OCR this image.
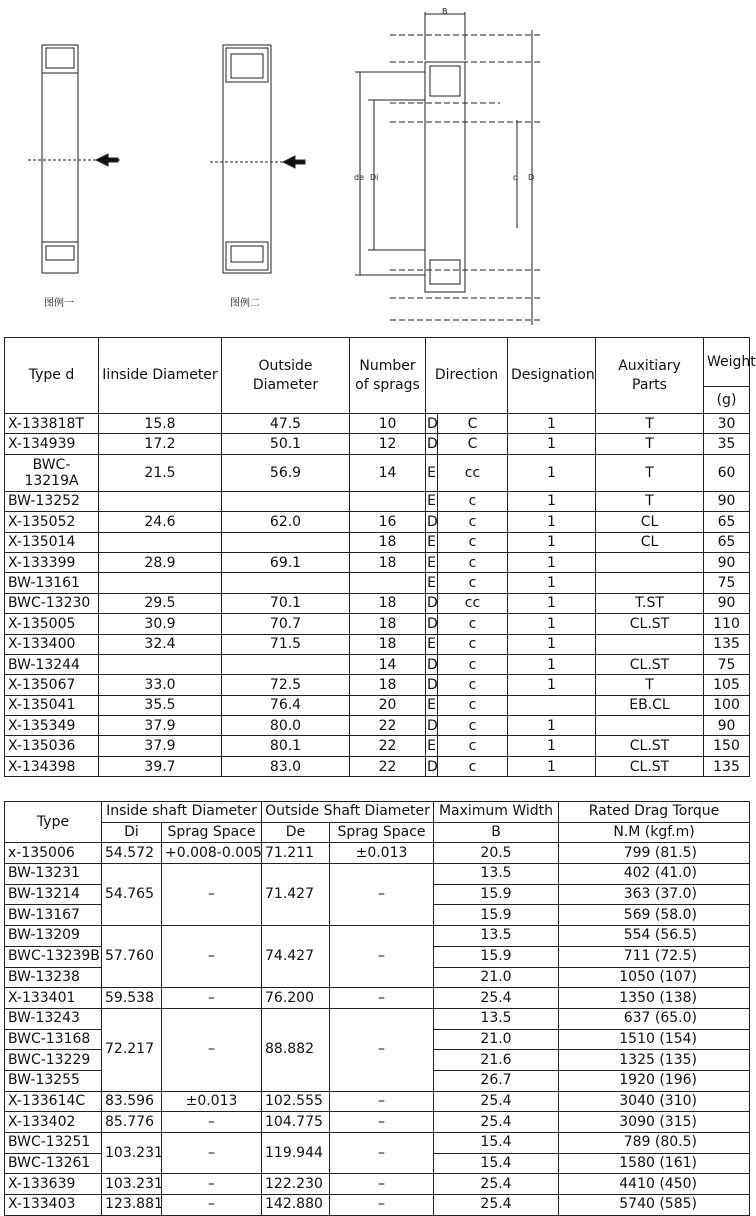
B
de Di	d D
图例一	图例二
Type d	Iinside Diameter	Outside Diameter	Number of sprags	Direction		Designation	Auxitiary Parts	Weight
								(g)
X-133818T	15.8	47.5	10	D	C	1	T	30
X-134939	17.2	50.1	12	D	C	1	T	35
BWC-13219A	21.5	56.9	14	E	cc	1	T	60
BW-13252				E	c	1	T	90
X-135052	24.6	62.0	16	D	c	1	CL	65
X-135014			18	E	c	1	CL	65
X-133399	28.9	69.1	18	E	c	1		90
BW-13161				E	c	1		75
BWC-13230	29.5	70.1	18	D	cc	1	T.ST	90
X-135005	30.9	70.7	18	D	c	1	CL.ST	110
X-133400	32.4	71.5	18	E	c	1		135
BW-13244			14	D	c	1	CL.ST	75
X-135067	33.0	72.5	18	D	c	1	T	105
X-135041	35.5	76.4	20	E	c		EB.CL	100
X-135349	37.9	80.0	22	D	c	1		90
X-135036	37.9	80.1	22	E	c	1	CL.ST	150
X-134398	39.7	83.0	22	D	c	1	CL.ST	135
Type	Inside shaft Diameter		Outside Shaft Diameter		Maximum Width	Rated Drag Torque
	Di	Sprag Space	De	Sprag Space	B	N.M (kgf.m)
x-135006	54.572	+0.008-0.005	71.211	±0.013	20.5	799 (81.5)
BW-13231	54.765	–	71.427	–	13.5	402 (41.0)
BW-13214					15.9	363 (37.0)
BW-13167					15.9	569 (58.0)
BW-13209	57.760	–	74.427	–	13.5	554 (56.5)
BWC-13239B					15.9	711 (72.5)
BW-13238					21.0	1050 (107)
X-133401	59.538	–	76.200	–	25.4	1350 (138)
BW-13243	72.217	–	88.882	–	13.5	637 (65.0)
BWC-13168					21.0	1510 (154)
BWC-13229					21.6	1325 (135)
BW-13255					26.7	1920 (196)
X-133614C	83.596	±0.013	102.555	–	25.4	3040 (310)
X-133402	85.776	–	104.775	–	25.4	3090 (315)
BWC-13251	103.231	–	119.944	–	15.4	789 (80.5)
BWC-13261					15.4	1580 (161)
X-133639	103.231	–	122.230	–	25.4	4410 (450)
X-133403	123.881	–	142.880	–	25.4	5740 (585)
